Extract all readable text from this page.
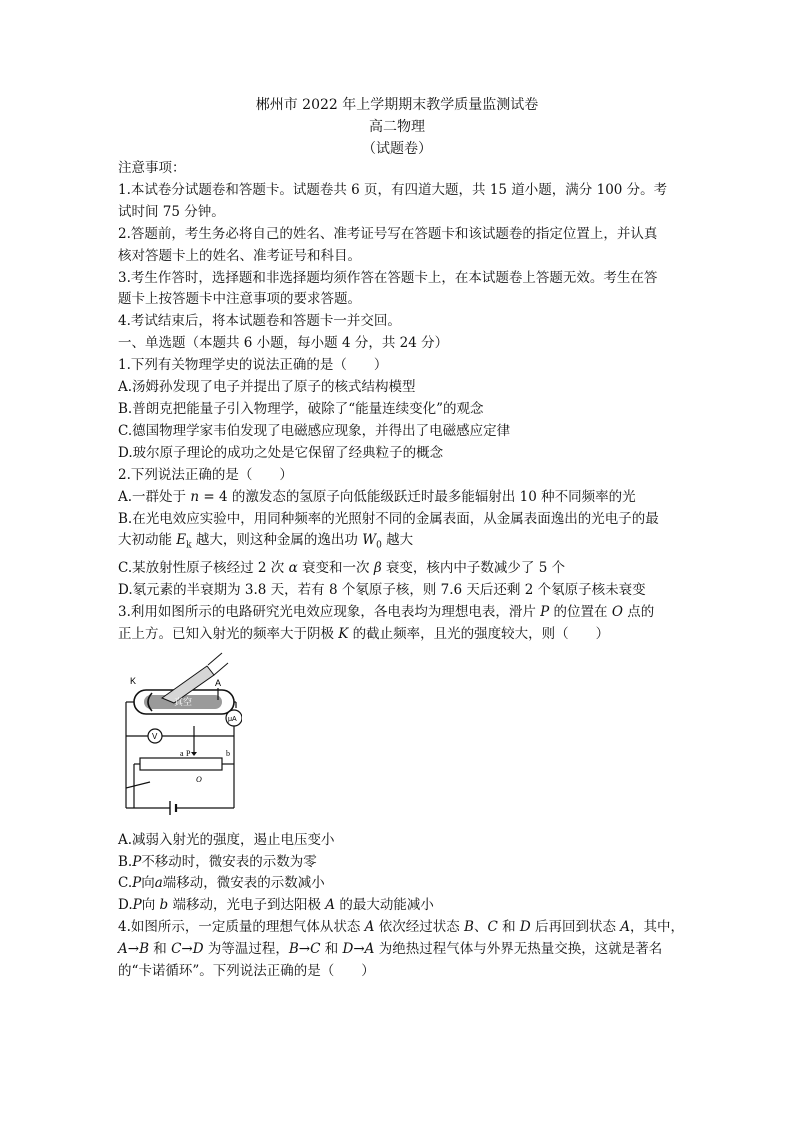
郴州市 2022 年上学期期末教学质量监测试卷
高二物理
（试题卷）
注意事项：
1.本试卷分试题卷和答题卡。试题卷共 6 页，有四道大题，共 15 道小题，满分 100 分。考
试时间 75 分钟。
2.答题前，考生务必将自己的姓名、准考证号写在答题卡和该试题卷的指定位置上，并认真
核对答题卡上的姓名、准考证号和科目。
3.考生作答时，选择题和非选择题均须作答在答题卡上，在本试题卷上答题无效。考生在答
题卡上按答题卡中注意事项的要求答题。
4.考试结束后，将本试题卷和答题卡一并交回。
一、单选题（本题共 6 小题，每小题 4 分，共 24 分）
1.下列有关物理学史的说法正确的是（　　）
A.汤姆孙发现了电子并提出了原子的核式结构模型
B.普朗克把能量子引入物理学，破除了“能量连续变化”的观念
C.德国物理学家韦伯发现了电磁感应现象，并得出了电磁感应定律
D.玻尔原子理论的成功之处是它保留了经典粒子的概念
2.下列说法正确的是（　　）
A.一群处于 n = 4 的激发态的氢原子向低能级跃迁时最多能辐射出 10 种不同频率的光
B.在光电效应实验中，用同种频率的光照射不同的金属表面，从金属表面逸出的光电子的最
大初动能 $E_k$ 越大，则这种金属的逸出功 $W_0$ 越大
C.某放射性原子核经过 2 次 α 衰变和一次 β 衰变，核内中子数减少了 5 个
D.氡元素的半衰期为 3.8 天，若有 8 个氡原子核，则 7.6 天后还剩 2 个氡原子核未衰变
3.利用如图所示的电路研究光电效应现象，各电表均为理想电表，滑片 P 的位置在 O 点的
正上方。已知入射光的频率大于阴极 K 的截止频率，且光的强度较大，则（　　）
K	A
真空
μA
V
a P	b
O
A.减弱入射光的强度，遏止电压变小
B.P不移动时，微安表的示数为零
C.P向a端移动，微安表的示数减小
D.P向 b 端移动，光电子到达阳极 A 的最大动能减小
4.如图所示，一定质量的理想气体从状态 A 依次经过状态 B、C 和 D 后再回到状态 A，其中，
A→B 和 C→D 为等温过程，B→C 和 D→A 为绝热过程气体与外界无热量交换，这就是著名
的“卡诺循环”。下列说法正确的是（　　）
